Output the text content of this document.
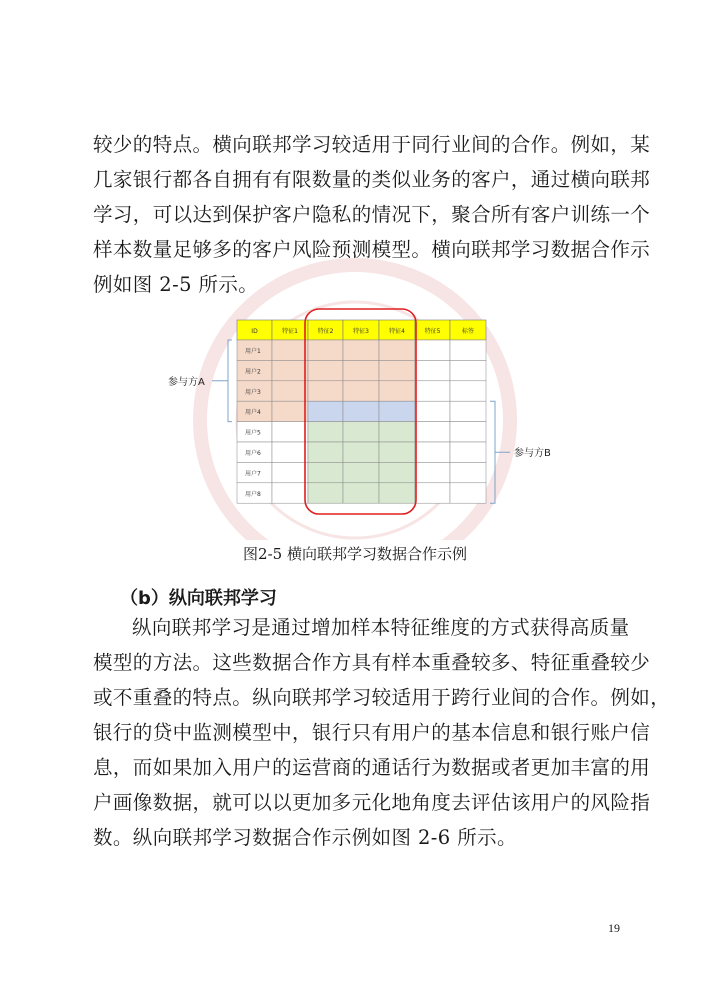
较少的特点。横向联邦学习较适用于同行业间的合作。例如，某
几家银行都各自拥有有限数量的类似业务的客户，通过横向联邦
学习，可以达到保护客户隐私的情况下，聚合所有客户训练一个
样本数量足够多的客户风险预测模型。横向联邦学习数据合作示
例如图 2-5 所示。
ID	特征1	特征2	特征3	特征4	特征5	标签
用户1
用户2
用户3
用户4
用户5
用户6
用户7
用户8
参与方A
参与方B
图2-5 横向联邦学习数据合作示例
（b）纵向联邦学习
纵向联邦学习是通过增加样本特征维度的方式获得高质量
模型的方法。这些数据合作方具有样本重叠较多、特征重叠较少
或不重叠的特点。纵向联邦学习较适用于跨行业间的合作。例如，
银行的贷中监测模型中，银行只有用户的基本信息和银行账户信
息，而如果加入用户的运营商的通话行为数据或者更加丰富的用
户画像数据，就可以以更加多元化地角度去评估该用户的风险指
数。纵向联邦学习数据合作示例如图 2-6 所示。
19
